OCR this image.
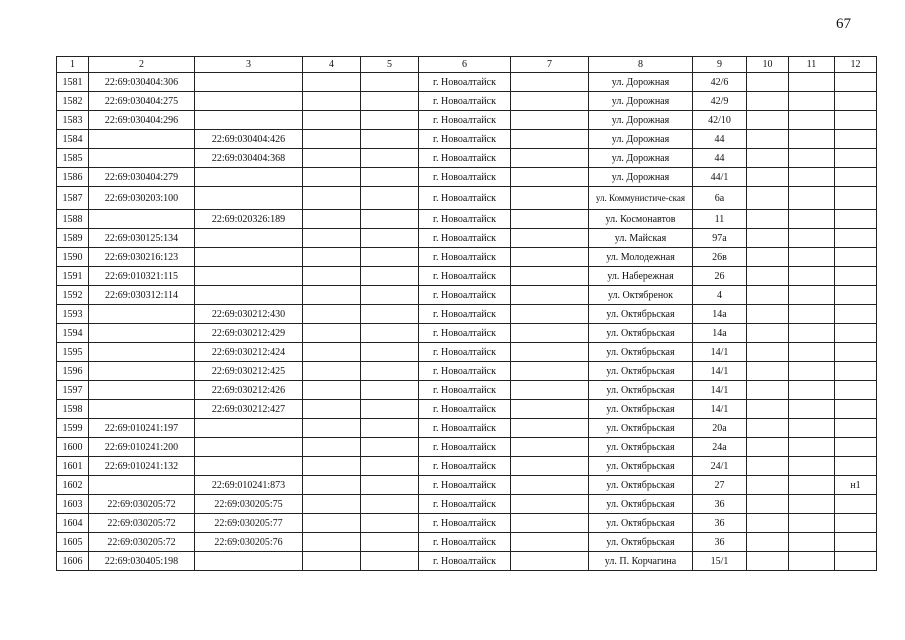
67
1	2	3	4	5	6	7	8	9	10	11	12
1581	22:69:030404:306				г. Новоалтайск		ул. Дорожная	42/6			
1582	22:69:030404:275				г. Новоалтайск		ул. Дорожная	42/9			
1583	22:69:030404:296				г. Новоалтайск		ул. Дорожная	42/10			
1584		22:69:030404:426			г. Новоалтайск		ул. Дорожная	44			
1585		22:69:030404:368			г. Новоалтайск		ул. Дорожная	44			
1586	22:69:030404:279				г. Новоалтайск		ул. Дорожная	44/1			
1587	22:69:030203:100				г. Новоалтайск		ул. Коммунистиче-ская	6а			
1588		22:69:020326:189			г. Новоалтайск		ул. Космонавтов	11			
1589	22:69:030125:134				г. Новоалтайск		ул. Майская	97а			
1590	22:69:030216:123				г. Новоалтайск		ул. Молодежная	26в			
1591	22:69:010321:115				г. Новоалтайск		ул. Набережная	26			
1592	22:69:030312:114				г. Новоалтайск		ул. Октябренок	4			
1593		22:69:030212:430			г. Новоалтайск		ул. Октябрьская	14а			
1594		22:69:030212:429			г. Новоалтайск		ул. Октябрьская	14а			
1595		22:69:030212:424			г. Новоалтайск		ул. Октябрьская	14/1			
1596		22:69:030212:425			г. Новоалтайск		ул. Октябрьская	14/1			
1597		22:69:030212:426			г. Новоалтайск		ул. Октябрьская	14/1			
1598		22:69:030212:427			г. Новоалтайск		ул. Октябрьская	14/1			
1599	22:69:010241:197				г. Новоалтайск		ул. Октябрьская	20а			
1600	22:69:010241:200				г. Новоалтайск		ул. Октябрьская	24а			
1601	22:69:010241:132				г. Новоалтайск		ул. Октябрьская	24/1			
1602		22:69:010241:873			г. Новоалтайск		ул. Октябрьская	27			н1
1603	22:69:030205:72	22:69:030205:75			г. Новоалтайск		ул. Октябрьская	36			
1604	22:69:030205:72	22:69:030205:77			г. Новоалтайск		ул. Октябрьская	36			
1605	22:69:030205:72	22:69:030205:76			г. Новоалтайск		ул. Октябрьская	36			
1606	22:69:030405:198				г. Новоалтайск		ул. П. Корчагина	15/1			
